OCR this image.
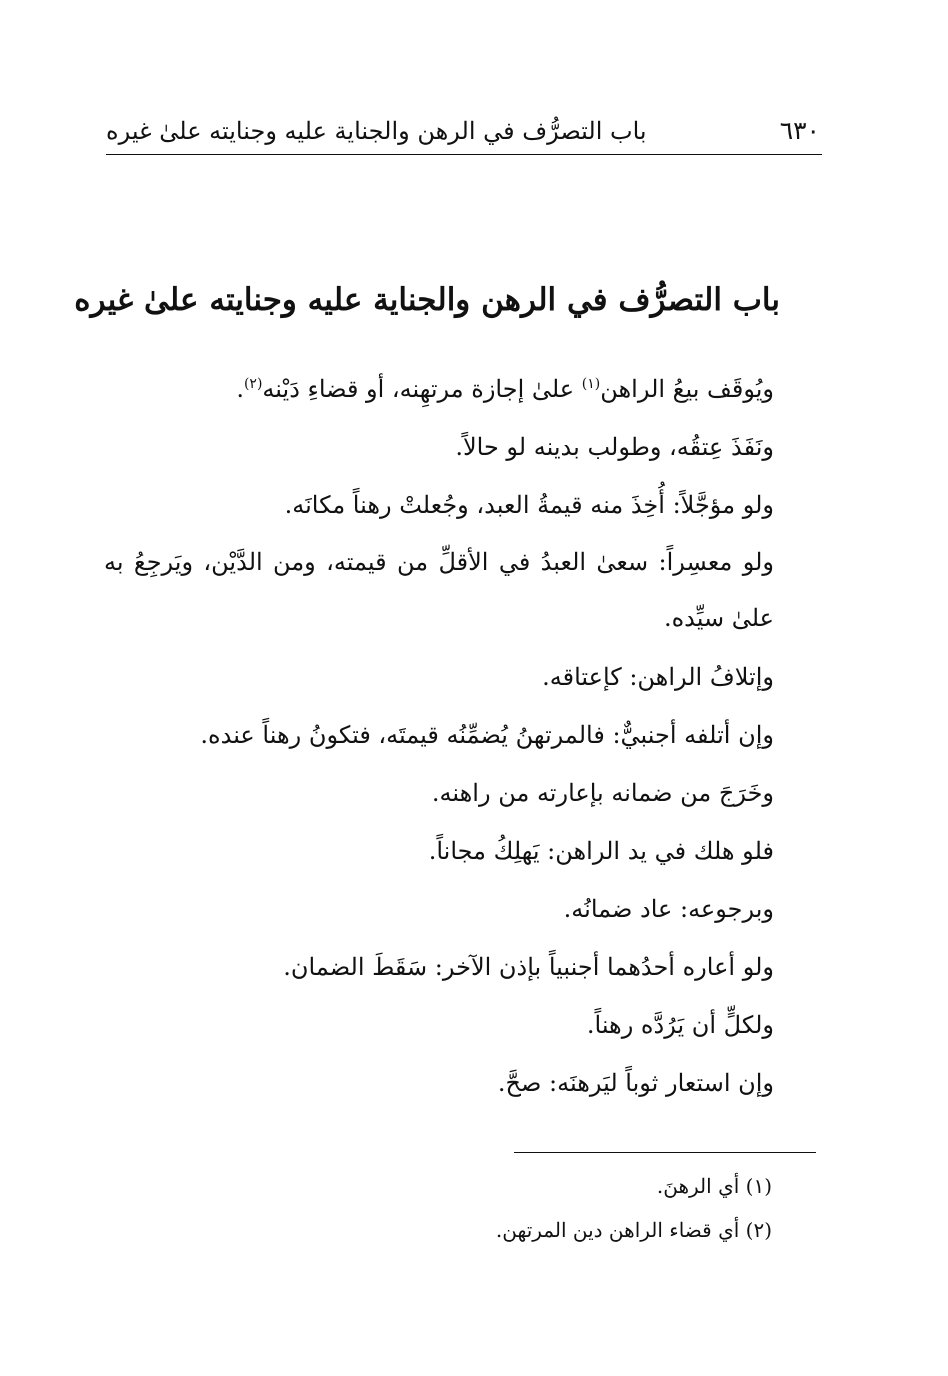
٦٣٠
باب التصرُّف في الرهن والجناية عليه وجنايته علىٰ غيره
باب التصرُّف في الرهن والجناية عليه وجنايته علىٰ غيره
ويُوقَف بيعُ الراهن$^{(١)}$ علىٰ إجازة مرتهِنه، أو قضاءِ دَيْنه$^{(٢)}$.
ونَفَذَ عِتقُه، وطولب بدينه لو حالاً.
ولو مؤجَّلاً: أُخِذَ منه قيمةُ العبد، وجُعلتْ رهناً مكانَه.
ولو معسِراً: سعىٰ العبدُ في الأقلِّ من قيمته، ومن الدَّيْن، ويَرجِعُ به علىٰ سيِّده.
وإتلافُ الراهن: كإعتاقه.
وإن أتلفه أجنبيٌّ: فالمرتهنُ يُضمِّنُه قيمتَه، فتكونُ رهناً عنده.
وخَرَجَ من ضمانه بإعارته من راهنه.
فلو هلك في يد الراهن: يَهلِكُ مجاناً.
وبرجوعه: عاد ضمانُه.
ولو أعاره أحدُهما أجنبياً بإذن الآخر: سَقَطَ الضمان.
ولكلٍّ أن يَرُدَّه رهناً.
وإن استعار ثوباً ليَرهنَه: صحَّ.
(١) أي الرهنَ.
(٢) أي قضاء الراهن دين المرتهن.
